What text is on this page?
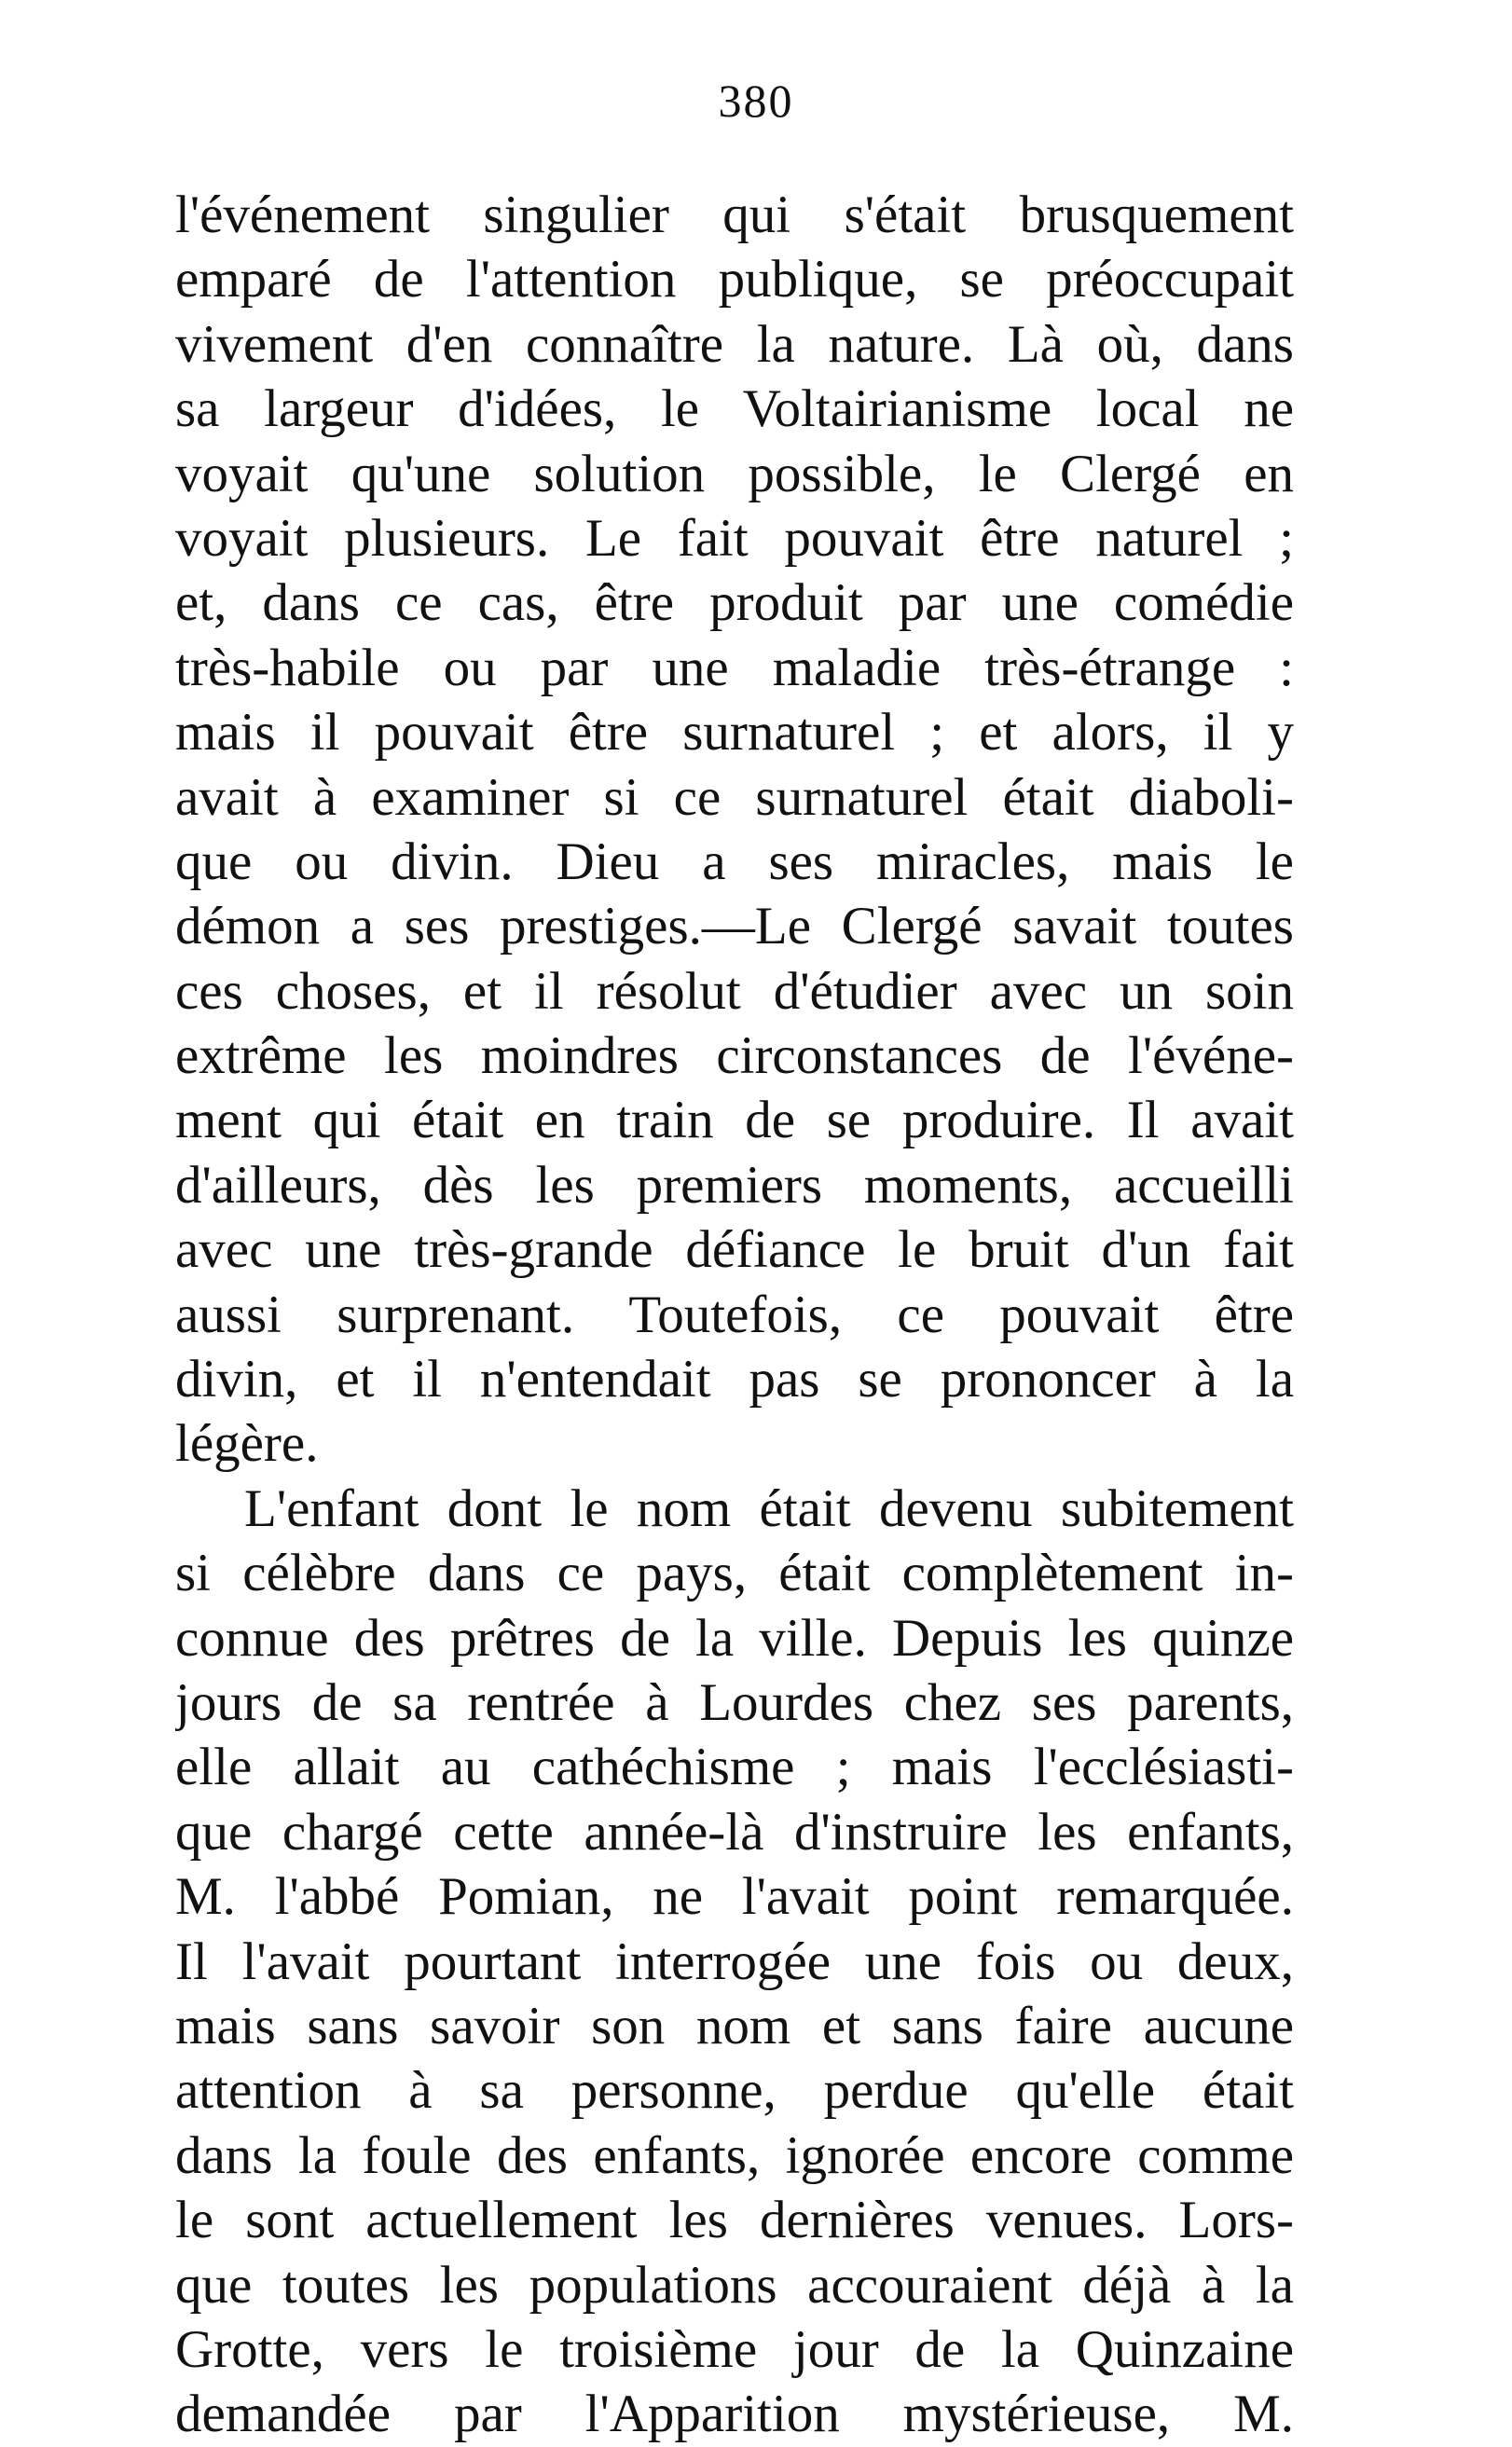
380
l'événement singulier qui s'était brusquement
emparé de l'attention publique, se préoccupait
vivement d'en connaître la nature. Là où, dans
sa largeur d'idées, le Voltairianisme local ne
voyait qu'une solution possible, le Clergé en
voyait plusieurs. Le fait pouvait être naturel ;
et, dans ce cas, être produit par une comédie
très-habile ou par une maladie très-étrange :
mais il pouvait être surnaturel ; et alors, il y
avait à examiner si ce surnaturel était diaboli-
que ou divin. Dieu a ses miracles, mais le
démon a ses prestiges.—Le Clergé savait toutes
ces choses, et il résolut d'étudier avec un soin
extrême les moindres circonstances de l'événe-
ment qui était en train de se produire. Il avait
d'ailleurs, dès les premiers moments, accueilli
avec une très-grande défiance le bruit d'un fait
aussi surprenant. Toutefois, ce pouvait être
divin, et il n'entendait pas se prononcer à la
légère.
L'enfant dont le nom était devenu subitement
si célèbre dans ce pays, était complètement in-
connue des prêtres de la ville. Depuis les quinze
jours de sa rentrée à Lourdes chez ses parents,
elle allait au cathéchisme ; mais l'ecclésiasti-
que chargé cette année-là d'instruire les enfants,
M. l'abbé Pomian, ne l'avait point remarquée.
Il l'avait pourtant interrogée une fois ou deux,
mais sans savoir son nom et sans faire aucune
attention à sa personne, perdue qu'elle était
dans la foule des enfants, ignorée encore comme
le sont actuellement les dernières venues. Lors-
que toutes les populations accouraient déjà à la
Grotte, vers le troisième jour de la Quinzaine
demandée par l'Apparition mystérieuse, M.
